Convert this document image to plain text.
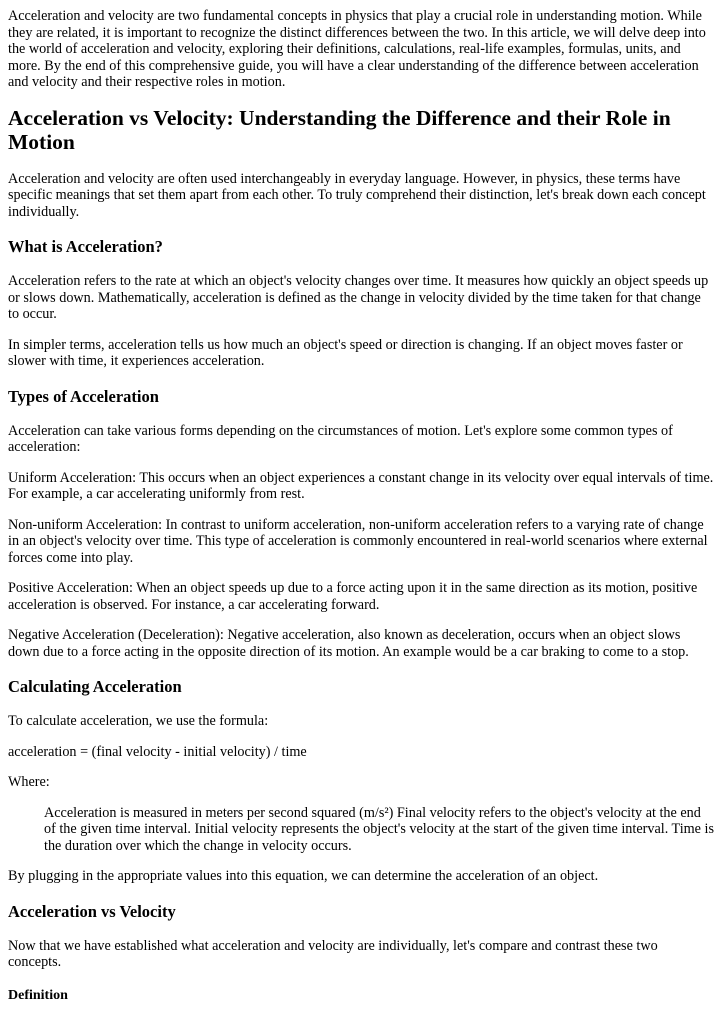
Acceleration and velocity are two fundamental concepts in physics that play a crucial role in understanding motion. While they are related, it is important to recognize the distinct differences between the two. In this article, we will delve deep into the world of acceleration and velocity, exploring their definitions, calculations, real-life examples, formulas, units, and more. By the end of this comprehensive guide, you will have a clear understanding of the difference between acceleration and velocity and their respective roles in motion.

Acceleration vs Velocity: Understanding the Difference and their Role in Motion

Acceleration and velocity are often used interchangeably in everyday language. However, in physics, these terms have specific meanings that set them apart from each other. To truly comprehend their distinction, let's break down each concept individually.

What is Acceleration?

Acceleration refers to the rate at which an object's velocity changes over time. It measures how quickly an object speeds up or slows down. Mathematically, acceleration is defined as the change in velocity divided by the time taken for that change to occur.

In simpler terms, acceleration tells us how much an object's speed or direction is changing. If an object moves faster or slower with time, it experiences acceleration.

Types of Acceleration

Acceleration can take various forms depending on the circumstances of motion. Let's explore some common types of acceleration:

Uniform Acceleration: This occurs when an object experiences a constant change in its velocity over equal intervals of time. For example, a car accelerating uniformly from rest.

Non-uniform Acceleration: In contrast to uniform acceleration, non-uniform acceleration refers to a varying rate of change in an object's velocity over time. This type of acceleration is commonly encountered in real-world scenarios where external forces come into play.

Positive Acceleration: When an object speeds up due to a force acting upon it in the same direction as its motion, positive acceleration is observed. For instance, a car accelerating forward.

Negative Acceleration (Deceleration): Negative acceleration, also known as deceleration, occurs when an object slows down due to a force acting in the opposite direction of its motion. An example would be a car braking to come to a stop.

Calculating Acceleration

To calculate acceleration, we use the formula:

acceleration = (final velocity - initial velocity) / time

Where:

Acceleration is measured in meters per second squared (m/s²) Final velocity refers to the object's velocity at the end of the given time interval. Initial velocity represents the object's velocity at the start of the given time interval. Time is the duration over which the change in velocity occurs.

By plugging in the appropriate values into this equation, we can determine the acceleration of an object.

Acceleration vs Velocity

Now that we have established what acceleration and velocity are individually, let's compare and contrast these two concepts.

Definition
